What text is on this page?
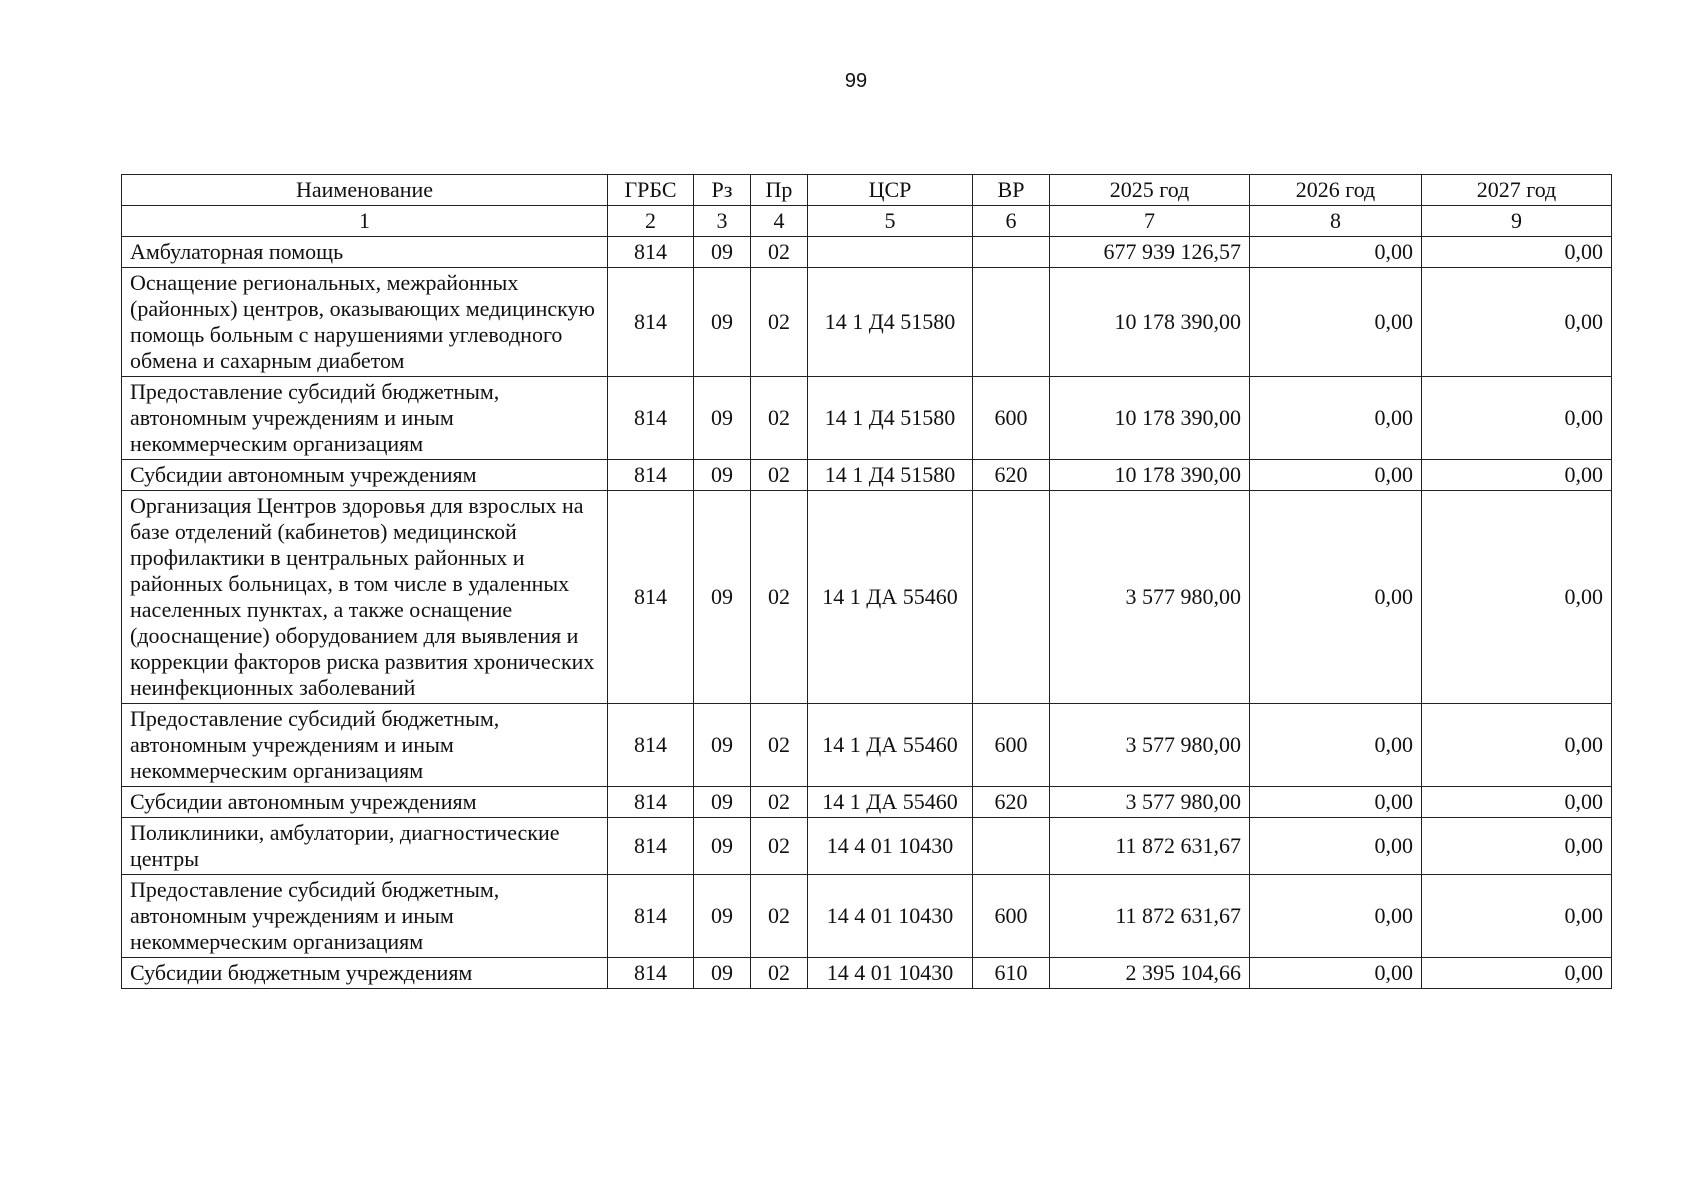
99
Наименование	ГРБС	Рз	Пр	ЦСР	ВР	2025 год	2026 год	2027 год
1	2	3	4	5	6	7	8	9
Амбулаторная помощь	814	09	02			677 939 126,57	0,00	0,00
Оснащение региональных, межрайонных (районных) центров, оказывающих медицинскую помощь больным с нарушениями углеводного обмена и сахарным диабетом	814	09	02	14 1 Д4 51580		10 178 390,00	0,00	0,00
Предоставление субсидий бюджетным, автономным учреждениям и иным некоммерческим организациям	814	09	02	14 1 Д4 51580	600	10 178 390,00	0,00	0,00
Субсидии автономным учреждениям	814	09	02	14 1 Д4 51580	620	10 178 390,00	0,00	0,00
Организация Центров здоровья для взрослых на базе отделений (кабинетов) медицинской профилактики в центральных районных и районных больницах, в том числе в удаленных населенных пунктах, а также оснащение (дооснащение) оборудованием для выявления и коррекции факторов риска развития хронических неинфекционных заболеваний	814	09	02	14 1 ДА 55460		3 577 980,00	0,00	0,00
Предоставление субсидий бюджетным, автономным учреждениям и иным некоммерческим организациям	814	09	02	14 1 ДА 55460	600	3 577 980,00	0,00	0,00
Субсидии автономным учреждениям	814	09	02	14 1 ДА 55460	620	3 577 980,00	0,00	0,00
Поликлиники, амбулатории, диагностические центры	814	09	02	14 4 01 10430		11 872 631,67	0,00	0,00
Предоставление субсидий бюджетным, автономным учреждениям и иным некоммерческим организациям	814	09	02	14 4 01 10430	600	11 872 631,67	0,00	0,00
Субсидии бюджетным учреждениям	814	09	02	14 4 01 10430	610	2 395 104,66	0,00	0,00
